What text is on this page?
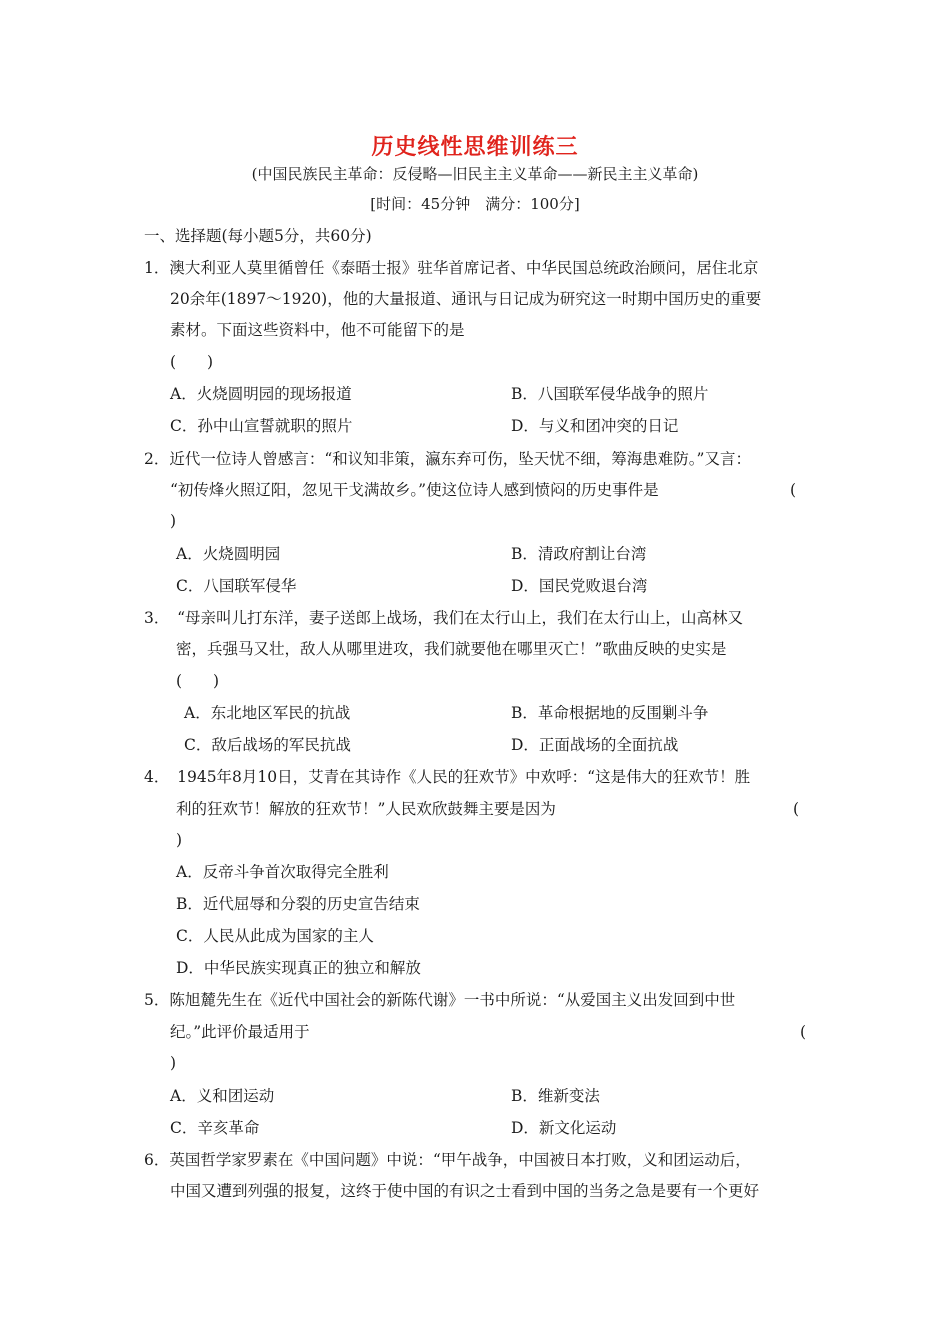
历史线性思维训练三
(中国民族民主革命：反侵略—旧民主主义革命——新民主主义革命)
[时间：45分钟　满分：100分]
一、选择题(每小题5分，共60分)
1．澳大利亚人莫里循曾任《泰晤士报》驻华首席记者、中华民国总统政治顾问，居住北京
20余年(1897～1920)，他的大量报道、通讯与日记成为研究这一时期中国历史的重要
素材。下面这些资料中，他不可能留下的是
(　　)
A．火烧圆明园的现场报道	B．八国联军侵华战争的照片
C．孙中山宣誓就职的照片	D．与义和团冲突的日记
2．近代一位诗人曾感言：“和议知非策，瀛东弃可伤，坠天忧不细，筹海患难防。”又言：
“初传烽火照辽阳，忽见干戈满故乡。”使这位诗人感到愤闷的历史事件是	(
)
A．火烧圆明园	B．清政府割让台湾
C．八国联军侵华	D．国民党败退台湾
3．　“母亲叫儿打东洋，妻子送郎上战场，我们在太行山上，我们在太行山上，山高林又
密，兵强马又壮，敌人从哪里进攻，我们就要他在哪里灭亡！”歌曲反映的史实是
(　　)
A．东北地区军民的抗战	B．革命根据地的反围剿斗争
C．敌后战场的军民抗战	D．正面战场的全面抗战
4．　1945年8月10日，艾青在其诗作《人民的狂欢节》中欢呼：“这是伟大的狂欢节！胜
利的狂欢节！解放的狂欢节！”人民欢欣鼓舞主要是因为	(
)
A．反帝斗争首次取得完全胜利
B．近代屈辱和分裂的历史宣告结束
C．人民从此成为国家的主人
D．中华民族实现真正的独立和解放
5．陈旭麓先生在《近代中国社会的新陈代谢》一书中所说：“从爱国主义出发回到中世
纪。”此评价最适用于	(
)
A．义和团运动	B．维新变法
C．辛亥革命	D．新文化运动
6．英国哲学家罗素在《中国问题》中说：“甲午战争，中国被日本打败，义和团运动后，
中国又遭到列强的报复，这终于使中国的有识之士看到中国的当务之急是要有一个更好
